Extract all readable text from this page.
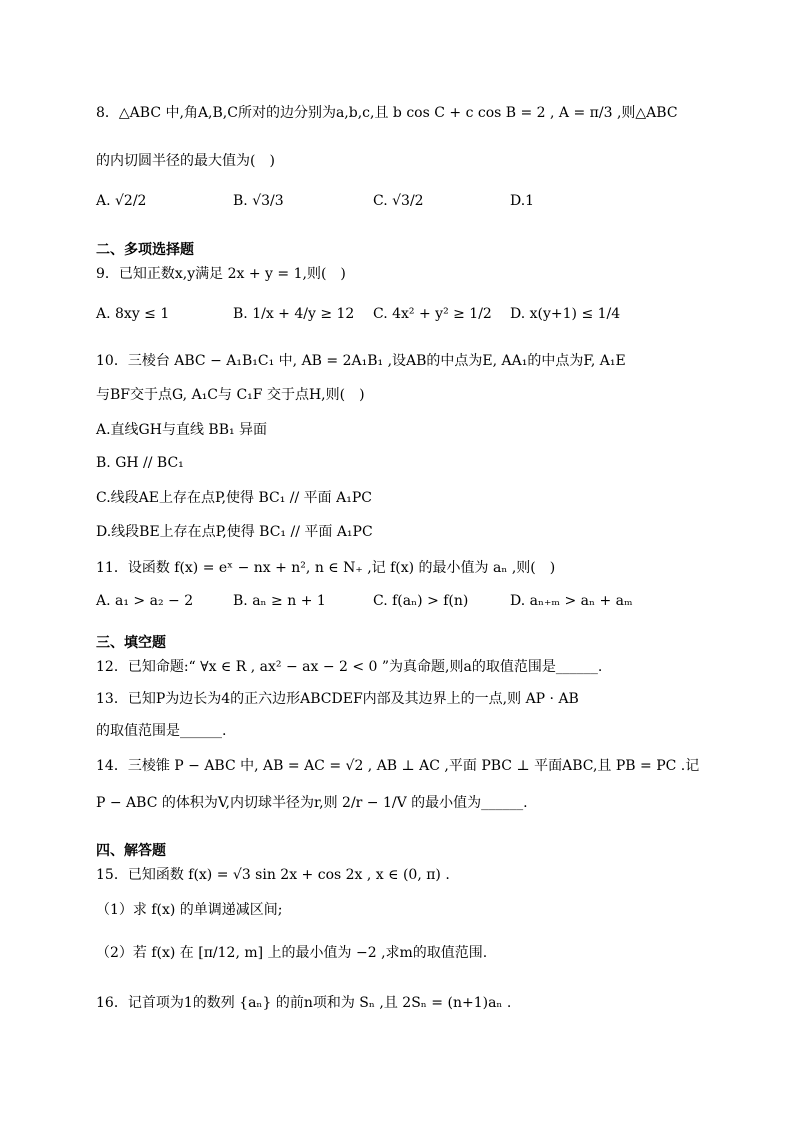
8．△ABC 中,角A,B,C所对的边分别为a,b,c,且 b cos C + c cos B = 2 , A = π/3 ,则△ABC
的内切圆半径的最大值为(　)
A. √2/2	B. √3/3	C. √3/2	D.1
二、多项选择题
9．已知正数x,y满足 2x + y = 1,则(　)
A. 8xy ≤ 1	B. 1/x + 4/y ≥ 12 C. 4x² + y² ≥ 1/2 D. x(y+1) ≤ 1/4
10．三棱台 ABC − A₁B₁C₁ 中, AB = 2A₁B₁ ,设AB的中点为E, AA₁的中点为F, A₁E
与BF交于点G, A₁C与 C₁F 交于点H,则(　)
A.直线GH与直线 BB₁ 异面
B. GH // BC₁
C.线段AE上存在点P,使得 BC₁ // 平面 A₁PC
D.线段BE上存在点P,使得 BC₁ // 平面 A₁PC
11．设函数 f(x) = eˣ − nx + n², n ∈ N₊ ,记 f(x) 的最小值为 aₙ ,则(　)
A. a₁ > a₂ − 2	B. aₙ ≥ n + 1	C. f(aₙ) > f(n)	D. aₙ₊ₘ > aₙ + aₘ
三、填空题
12．已知命题:“ ∀x ∈ R , ax² − ax − 2 < 0 ”为真命题,则a的取值范围是______.
13．已知P为边长为4的正六边形ABCDEF内部及其边界上的一点,则 AP · AB
的取值范围是______.
14．三棱锥 P − ABC 中, AB = AC = √2 , AB ⊥ AC ,平面 PBC ⊥ 平面ABC,且 PB = PC .记
P − ABC 的体积为V,内切球半径为r,则 2/r − 1/V 的最小值为______.
四、解答题
15．已知函数 f(x) = √3 sin 2x + cos 2x , x ∈ (0, π) .
（1）求 f(x) 的单调递减区间;
（2）若 f(x) 在 [π/12, m] 上的最小值为 −2 ,求m的取值范围.
16．记首项为1的数列 {aₙ} 的前n项和为 Sₙ ,且 2Sₙ = (n+1)aₙ .
